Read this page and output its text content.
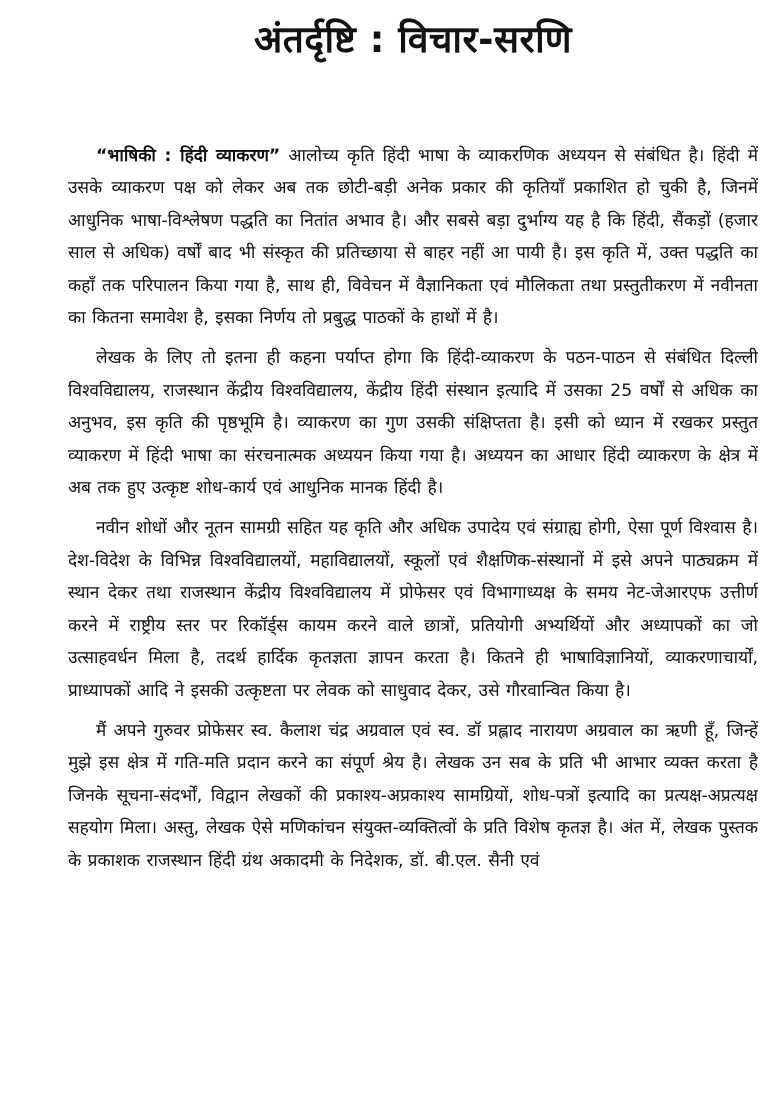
अंतर्दृष्टि : विचार-सरणि

“भाषिकी : हिंदी व्याकरण” आलोच्य कृति हिंदी भाषा के व्याकरणिक अध्ययन से संबंधित है। हिंदी में उसके व्याकरण पक्ष को लेकर अब तक छोटी-बड़ी अनेक प्रकार की कृतियाँ प्रकाशित हो चुकी है, जिनमें आधुनिक भाषा-विश्लेषण पद्धति का नितांत अभाव है। और सबसे बड़ा दुर्भाग्य यह है कि हिंदी, सैंकड़ों (हजार साल से अधिक) वर्षों बाद भी संस्कृत की प्रतिच्छाया से बाहर नहीं आ पायी है। इस कृति में, उक्त पद्धति का कहाँ तक परिपालन किया गया है, साथ ही, विवेचन में वैज्ञानिकता एवं मौलिकता तथा प्रस्तुतीकरण में नवीनता का कितना समावेश है, इसका निर्णय तो प्रबुद्ध पाठकों के हाथों में है।

लेखक के लिए तो इतना ही कहना पर्याप्त होगा कि हिंदी-व्याकरण के पठन-पाठन से संबंधित दिल्ली विश्वविद्यालय, राजस्थान केंद्रीय विश्वविद्यालय, केंद्रीय हिंदी संस्थान इत्यादि में उसका 25 वर्षों से अधिक का अनुभव, इस कृति की पृष्ठभूमि है। व्याकरण का गुण उसकी संक्षिप्तता है। इसी को ध्यान में रखकर प्रस्तुत व्याकरण में हिंदी भाषा का संरचनात्मक अध्ययन किया गया है। अध्ययन का आधार हिंदी व्याकरण के क्षेत्र में अब तक हुए उत्कृष्ट शोध-कार्य एवं आधुनिक मानक हिंदी है।

नवीन शोधों और नूतन सामग्री सहित यह कृति और अधिक उपादेय एवं संग्राह्य होगी, ऐसा पूर्ण विश्वास है। देश-विदेश के विभिन्न विश्वविद्यालयों, महाविद्यालयों, स्कूलों एवं शैक्षणिक-संस्थानों में इसे अपने पाठ्यक्रम में स्थान देकर तथा राजस्थान केंद्रीय विश्वविद्यालय में प्रोफेसर एवं विभागाध्यक्ष के समय नेट-जेआरएफ उत्तीर्ण करने में राष्ट्रीय स्तर पर रिकॉर्ड्स कायम करने वाले छात्रों, प्रतियोगी अभ्यर्थियों और अध्यापकों का जो उत्साहवर्धन मिला है, तदर्थ हार्दिक कृतज्ञता ज्ञापन करता है। कितने ही भाषाविज्ञानियों, व्याकरणाचार्यों, प्राध्यापकों आदि ने इसकी उत्कृष्टता पर लेवक को साधुवाद देकर, उसे गौरवान्वित किया है।

मैं अपने गुरुवर प्रोफेसर स्व. कैलाश चंद्र अग्रवाल एवं स्व. डॉ प्रह्लाद नारायण अग्रवाल का ऋणी हूँ, जिन्हें मुझे इस क्षेत्र में गति-मति प्रदान करने का संपूर्ण श्रेय है। लेखक उन सब के प्रति भी आभार व्यक्त करता है जिनके सूचना-संदर्भों, विद्वान लेखकों की प्रकाश्य-अप्रकाश्य सामग्रियों, शोध-पत्रों इत्यादि का प्रत्यक्ष-अप्रत्यक्ष सहयोग मिला। अस्तु, लेखक ऐसे मणिकांचन संयुक्त-व्यक्तित्वों के प्रति विशेष कृतज्ञ है। अंत में, लेखक पुस्तक के प्रकाशक राजस्थान हिंदी ग्रंथ अकादमी के निदेशक, डॉ. बी.एल. सैनी एवं
